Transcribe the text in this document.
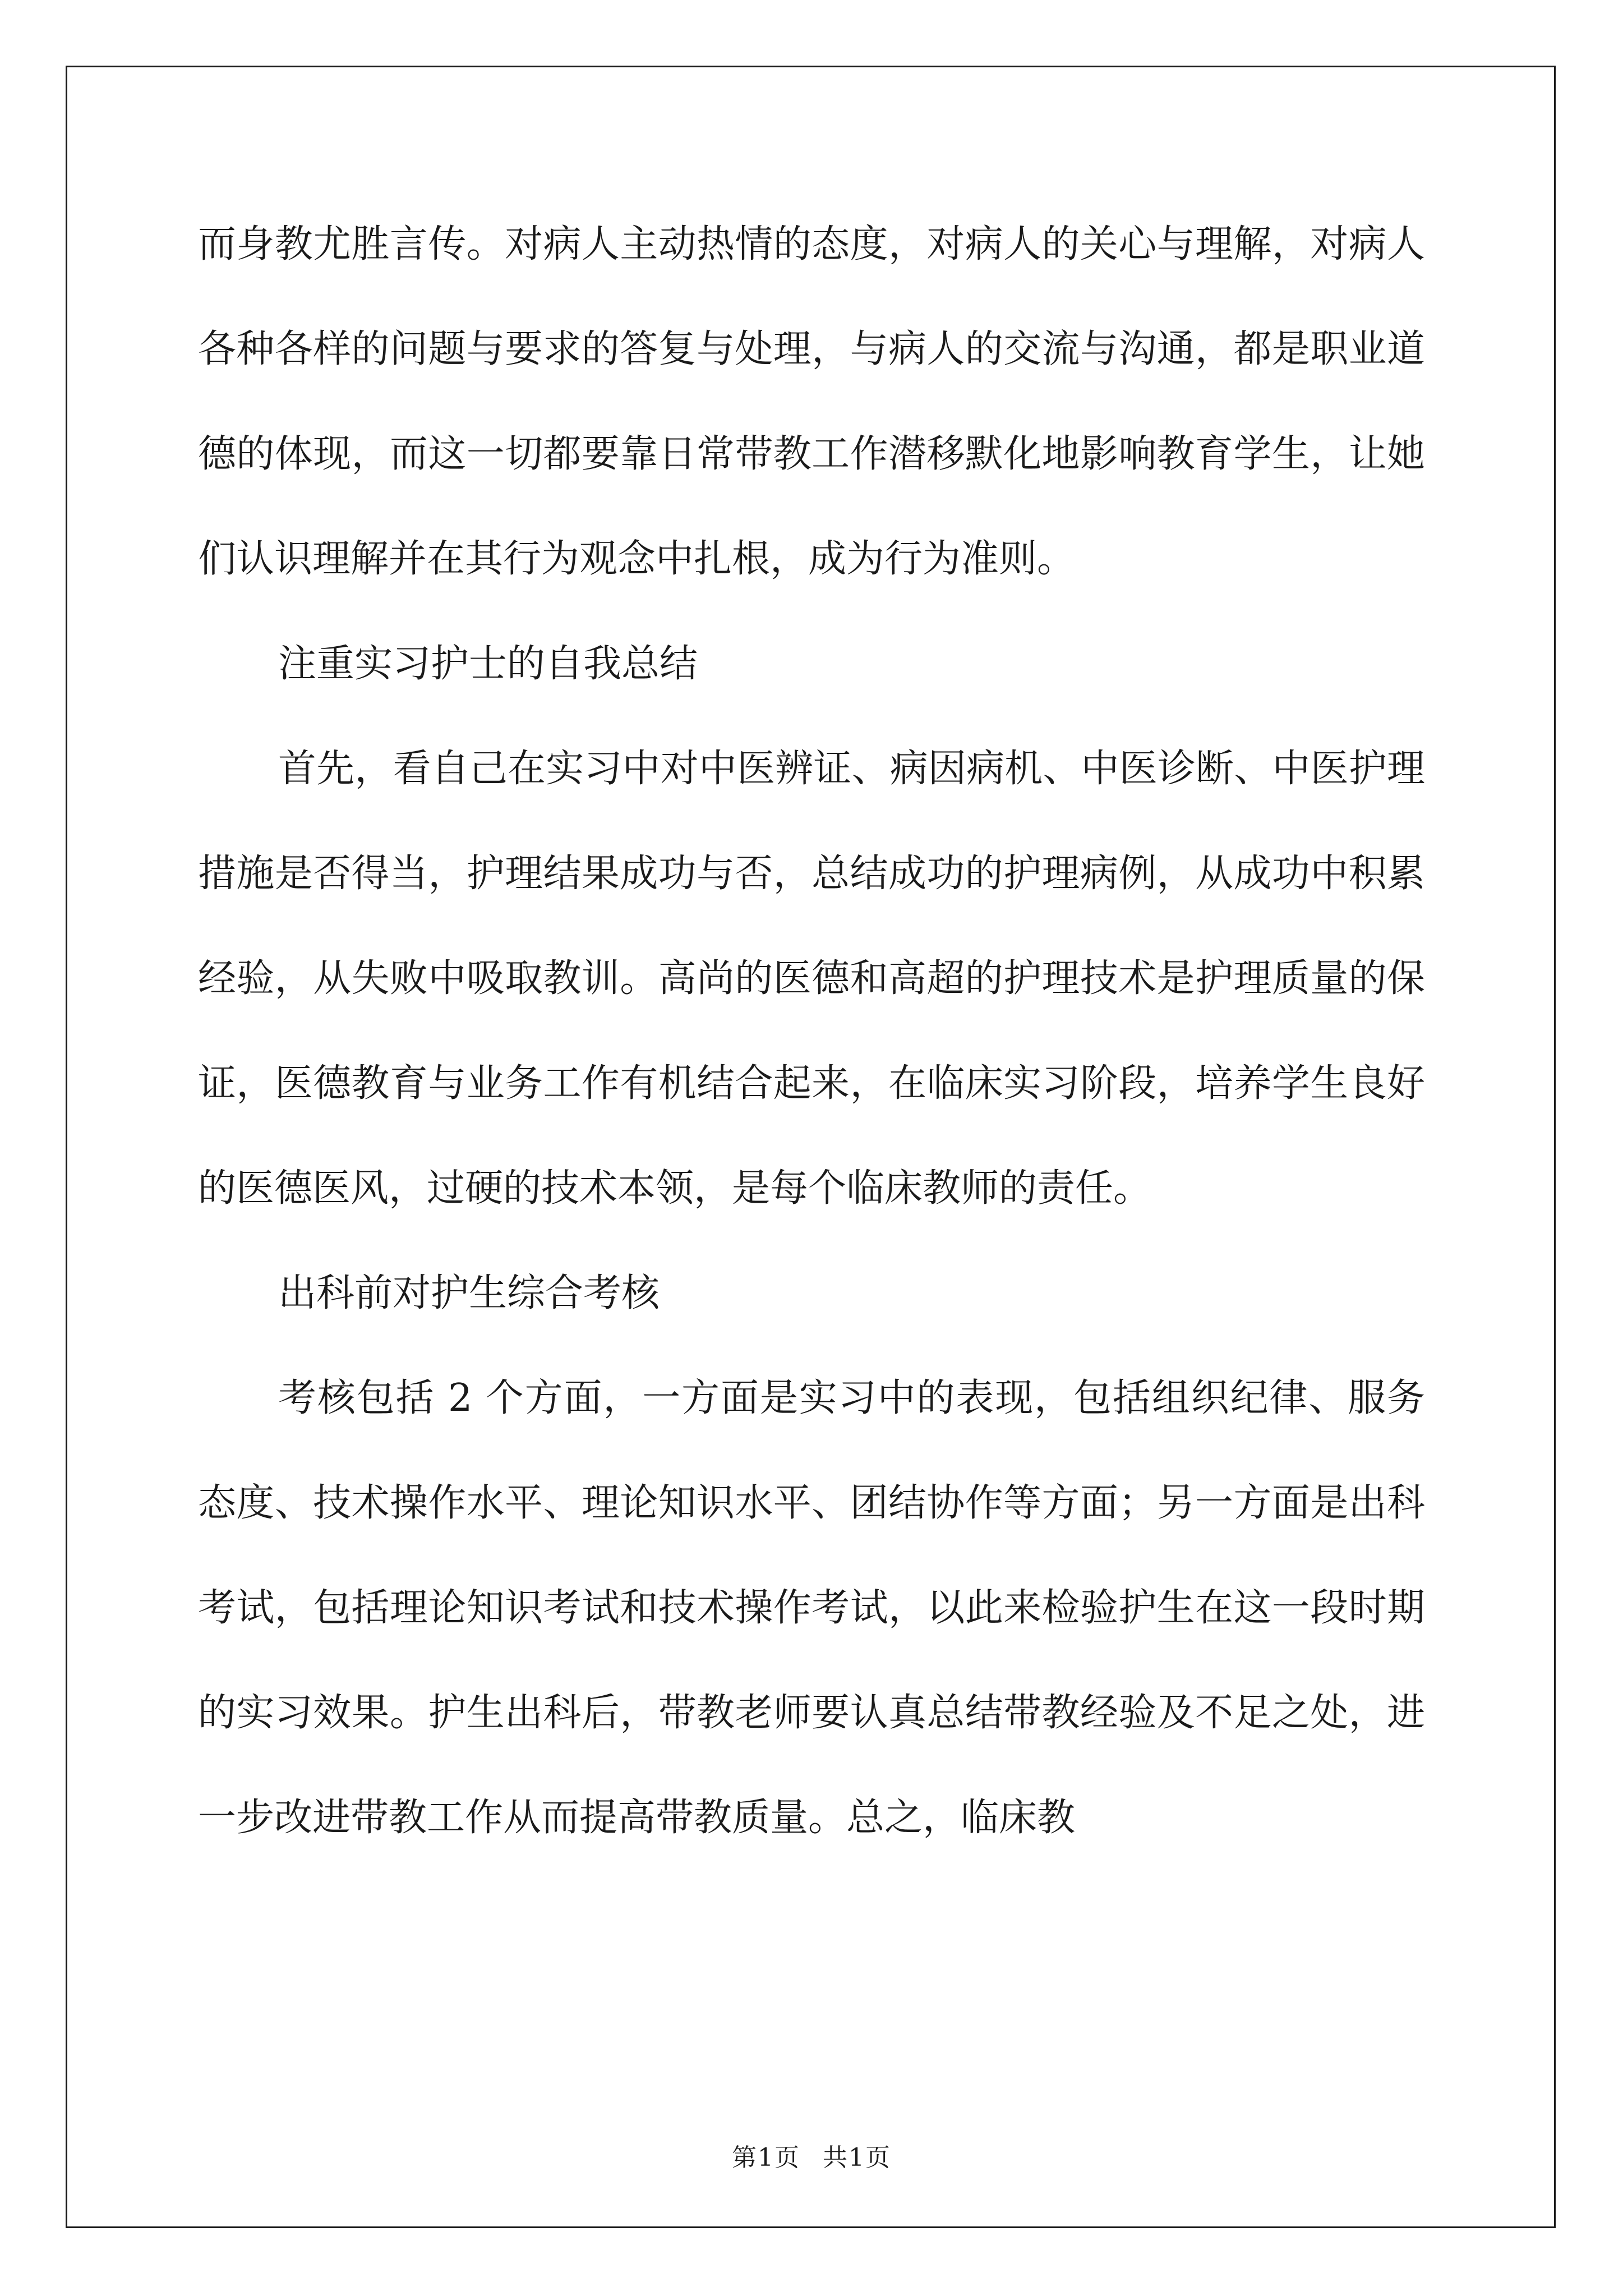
而身教尤胜言传。对病人主动热情的态度，对病人的关心与理解，对病人各种各样的问题与要求的答复与处理，与病人的交流与沟通，都是职业道德的体现，而这一切都要靠日常带教工作潜移默化地影响教育学生，让她们认识理解并在其行为观念中扎根，成为行为准则。

注重实习护士的自我总结

首先，看自己在实习中对中医辨证、病因病机、中医诊断、中医护理措施是否得当，护理结果成功与否，总结成功的护理病例，从成功中积累经验，从失败中吸取教训。高尚的医德和高超的护理技术是护理质量的保证，医德教育与业务工作有机结合起来，在临床实习阶段，培养学生良好的医德医风，过硬的技术本领，是每个临床教师的责任。

出科前对护生综合考核

考核包括 2 个方面，一方面是实习中的表现，包括组织纪律、服务态度、技术操作水平、理论知识水平、团结协作等方面；另一方面是出科考试，包括理论知识考试和技术操作考试，以此来检验护生在这一段时期的实习效果。护生出科后，带教老师要认真总结带教经验及不足之处，进一步改进带教工作从而提高带教质量。总之，临床教

第1页 共1页
